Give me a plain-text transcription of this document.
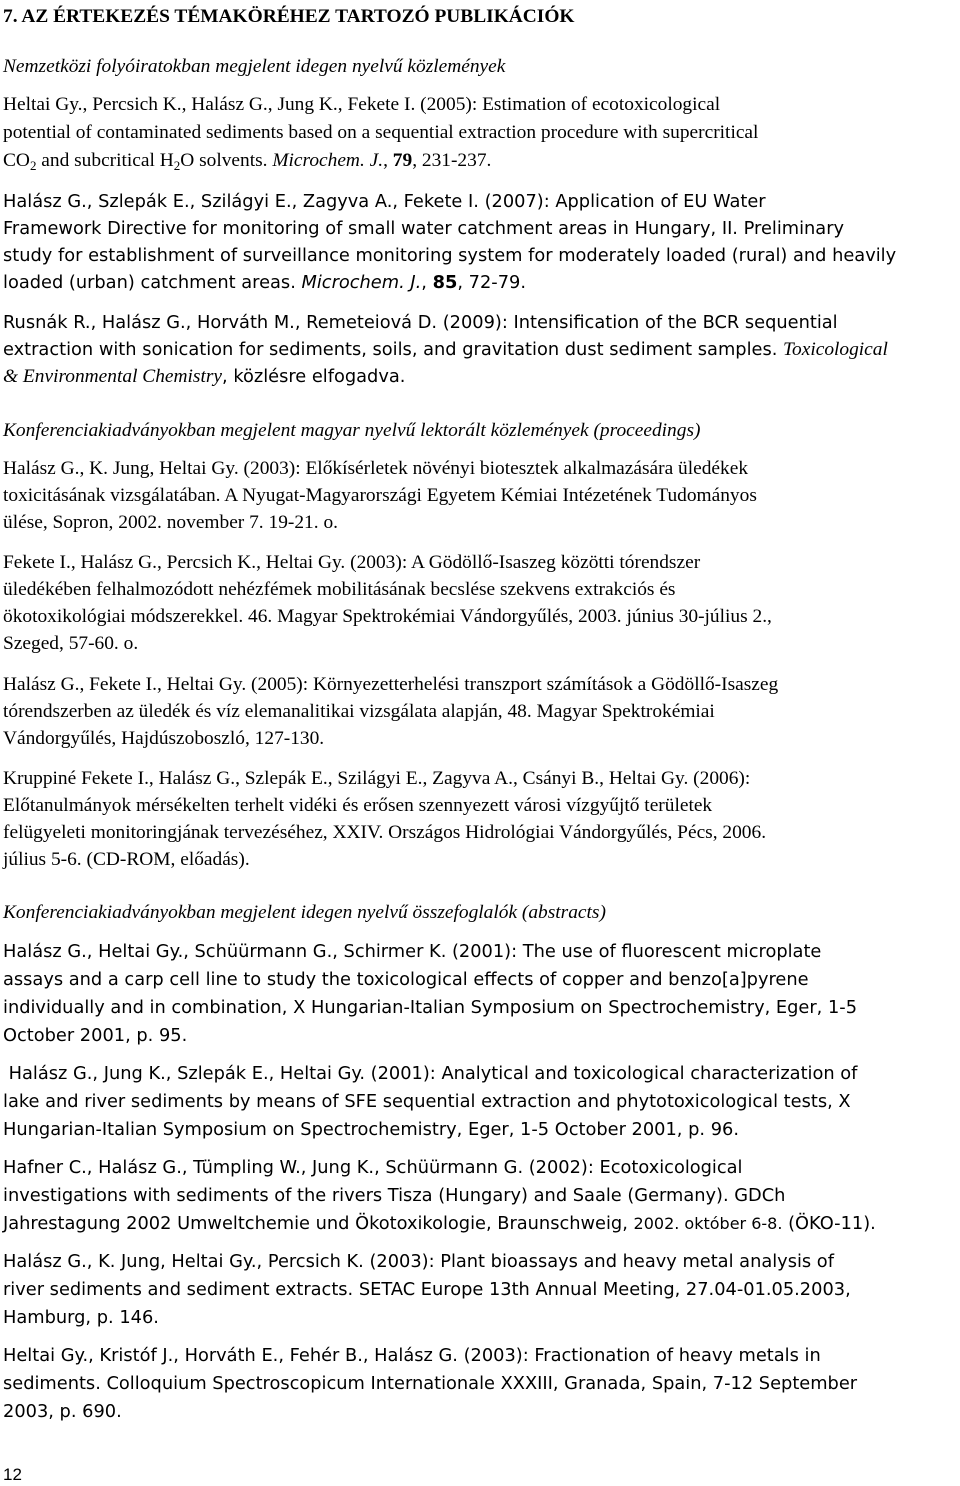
7. AZ ÉRTEKEZÉS TÉMAKÖRÉHEZ TARTOZÓ PUBLIKÁCIÓK
Nemzetközi folyóiratokban megjelent idegen nyelvű közlemények
Heltai Gy., Percsich K., Halász G., Jung K., Fekete I. (2005): Estimation of ecotoxicological
potential of contaminated sediments based on a sequential extraction procedure with supercritical
$CO_2$ and subcritical $H_2O$ solvents. Microchem. J., 79, 231-237.
Halász G., Szlepák E., Szilágyi E., Zagyva A., Fekete I. (2007): Application of EU Water
Framework Directive for monitoring of small water catchment areas in Hungary, II. Preliminary
study for establishment of surveillance monitoring system for moderately loaded (rural) and heavily
loaded (urban) catchment areas. Microchem. J., 85, 72-79.
Rusnák R., Halász G., Horváth M., Remeteiová D. (2009): Intensification of the BCR sequential
extraction with sonication for sediments, soils, and gravitation dust sediment samples. Toxicological
& Environmental Chemistry, közlésre elfogadva.
Konferenciakiadványokban megjelent magyar nyelvű lektorált közlemények (proceedings)
Halász G., K. Jung, Heltai Gy. (2003): Előkísérletek növényi biotesztek alkalmazására üledékek
toxicitásának vizsgálatában. A Nyugat-Magyarországi Egyetem Kémiai Intézetének Tudományos
ülése, Sopron, 2002. november 7. 19-21. o.
Fekete I., Halász G., Percsich K., Heltai Gy. (2003): A Gödöllő-Isaszeg közötti tórendszer
üledékében felhalmozódott nehézfémek mobilitásának becslése szekvens extrakciós és
ökotoxikológiai módszerekkel. 46. Magyar Spektrokémiai Vándorgyűlés, 2003. június 30-július 2.,
Szeged, 57-60. o.
Halász G., Fekete I., Heltai Gy. (2005): Környezetterhelési transzport számítások a Gödöllő-Isaszeg
tórendszerben az üledék és víz elemanalitikai vizsgálata alapján, 48. Magyar Spektrokémiai
Vándorgyűlés, Hajdúszoboszló, 127-130.
Kruppiné Fekete I., Halász G., Szlepák E., Szilágyi E., Zagyva A., Csányi B., Heltai Gy. (2006):
Előtanulmányok mérsékelten terhelt vidéki és erősen szennyezett városi vízgyűjtő területek
felügyeleti monitoringjának tervezéséhez, XXIV. Országos Hidrológiai Vándorgyűlés, Pécs, 2006.
július 5-6. (CD-ROM, előadás).
Konferenciakiadványokban megjelent idegen nyelvű összefoglalók (abstracts)
Halász G., Heltai Gy., Schüürmann G., Schirmer K. (2001): The use of fluorescent microplate
assays and a carp cell line to study the toxicological effects of copper and benzo[a]pyrene
individually and in combination, X Hungarian-Italian Symposium on Spectrochemistry, Eger, 1-5
October 2001, p. 95.
Halász G., Jung K., Szlepák E., Heltai Gy. (2001): Analytical and toxicological characterization of
lake and river sediments by means of SFE sequential extraction and phytotoxicological tests, X
Hungarian-Italian Symposium on Spectrochemistry, Eger, 1-5 October 2001, p. 96.
Hafner C., Halász G., Tümpling W., Jung K., Schüürmann G. (2002): Ecotoxicological
investigations with sediments of the rivers Tisza (Hungary) and Saale (Germany). GDCh
Jahrestagung 2002 Umweltchemie und Ökotoxikologie, Braunschweig, 2002. október 6-8. (ÖKO-11).
Halász G., K. Jung, Heltai Gy., Percsich K. (2003): Plant bioassays and heavy metal analysis of
river sediments and sediment extracts. SETAC Europe 13th Annual Meeting, 27.04-01.05.2003,
Hamburg, p. 146.
Heltai Gy., Kristóf J., Horváth E., Fehér B., Halász G. (2003): Fractionation of heavy metals in
sediments. Colloquium Spectroscopicum Internationale XXXIII, Granada, Spain, 7-12 September
2003, p. 690.
12
